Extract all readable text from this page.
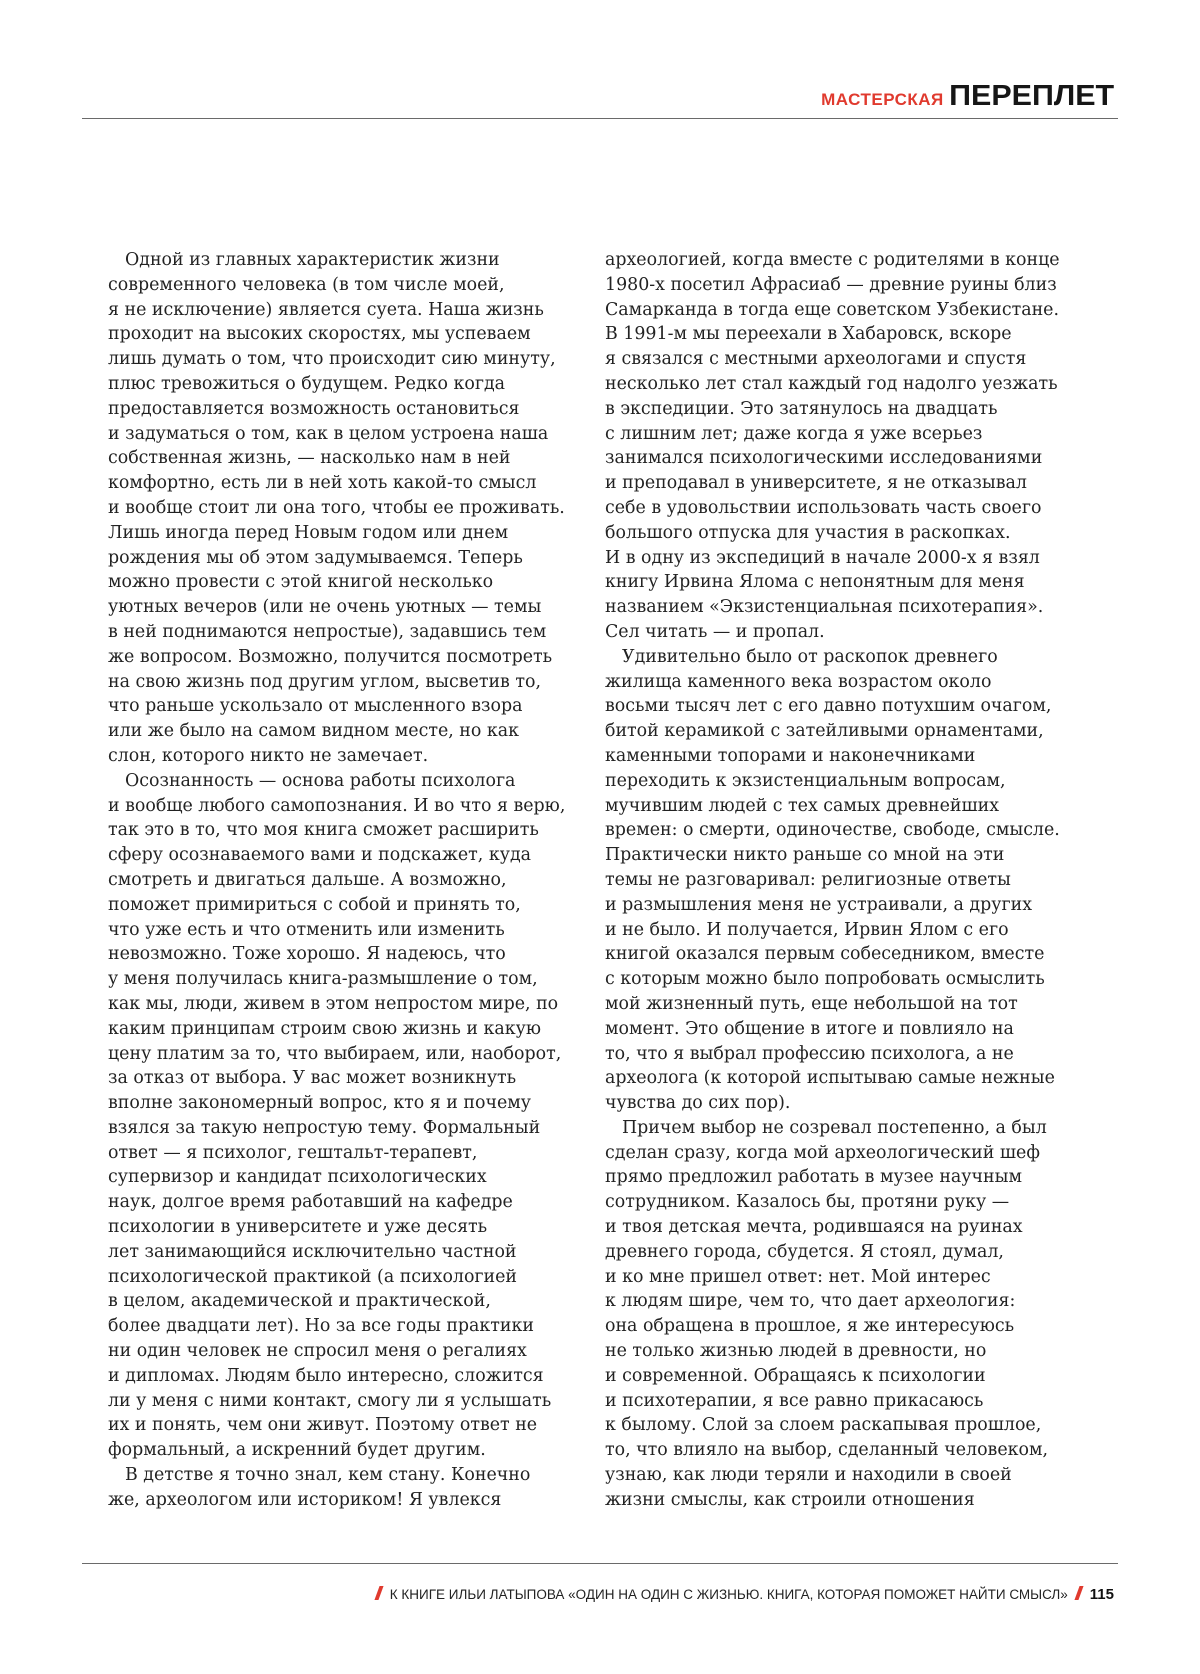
МАСТЕРСКАЯ ПЕРЕПЛЕТ

Одной из главных характеристик жизни
современного человека (в том числе моей,
я не исключение) является суета. Наша жизнь
проходит на высоких скоростях, мы успеваем
лишь думать о том, что происходит сию минуту,
плюс тревожиться о будущем. Редко когда
предоставляется возможность остановиться
и задуматься о том, как в целом устроена наша
собственная жизнь, — насколько нам в ней
комфортно, есть ли в ней хоть какой-то смысл
и вообще стоит ли она того, чтобы ее проживать.
Лишь иногда перед Новым годом или днем
рождения мы об этом задумываемся. Теперь
можно провести с этой книгой несколько
уютных вечеров (или не очень уютных — темы
в ней поднимаются непростые), задавшись тем
же вопросом. Возможно, получится посмотреть
на свою жизнь под другим углом, высветив то,
что раньше ускользало от мысленного взора
или же было на самом видном месте, но как
слон, которого никто не замечает.

Осознанность — основа работы психолога
и вообще любого самопознания. И во что я верю,
так это в то, что моя книга сможет расширить
сферу осознаваемого вами и подскажет, куда
смотреть и двигаться дальше. А возможно,
поможет примириться с собой и принять то,
что уже есть и что отменить или изменить
невозможно. Тоже хорошо. Я надеюсь, что
у меня получилась книга-размышление о том,
как мы, люди, живем в этом непростом мире, по
каким принципам строим свою жизнь и какую
цену платим за то, что выбираем, или, наоборот,
за отказ от выбора. У вас может возникнуть
вполне закономерный вопрос, кто я и почему
взялся за такую непростую тему. Формальный
ответ — я психолог, гештальт-терапевт,
супервизор и кандидат психологических
наук, долгое время работавший на кафедре
психологии в университете и уже десять
лет занимающийся исключительно частной
психологической практикой (а психологией
в целом, академической и практической,
более двадцати лет). Но за все годы практики
ни один человек не спросил меня о регалиях
и дипломах. Людям было интересно, сложится
ли у меня с ними контакт, смогу ли я услышать
их и понять, чем они живут. Поэтому ответ не
формальный, а искренний будет другим.

В детстве я точно знал, кем стану. Конечно
же, археологом или историком! Я увлекся

археологией, когда вместе с родителями в конце
1980-х посетил Афрасиаб — древние руины близ
Самарканда в тогда еще советском Узбекистане.
В 1991-м мы переехали в Хабаровск, вскоре
я связался с местными археологами и спустя
несколько лет стал каждый год надолго уезжать
в экспедиции. Это затянулось на двадцать
с лишним лет; даже когда я уже всерьез
занимался психологическими исследованиями
и преподавал в университете, я не отказывал
себе в удовольствии использовать часть своего
большого отпуска для участия в раскопках.
И в одну из экспедиций в начале 2000-х я взял
книгу Ирвина Ялома с непонятным для меня
названием «Экзистенциальная психотерапия».
Сел читать — и пропал.

Удивительно было от раскопок древнего
жилища каменного века возрастом около
восьми тысяч лет с его давно потухшим очагом,
битой керамикой с затейливыми орнаментами,
каменными топорами и наконечниками
переходить к экзистенциальным вопросам,
мучившим людей с тех самых древнейших
времен: о смерти, одиночестве, свободе, смысле.
Практически никто раньше со мной на эти
темы не разговаривал: религиозные ответы
и размышления меня не устраивали, а других
и не было. И получается, Ирвин Ялом с его
книгой оказался первым собеседником, вместе
с которым можно было попробовать осмыслить
мой жизненный путь, еще небольшой на тот
момент. Это общение в итоге и повлияло на
то, что я выбрал профессию психолога, а не
археолога (к которой испытываю самые нежные
чувства до сих пор).

Причем выбор не созревал постепенно, а был
сделан сразу, когда мой археологический шеф
прямо предложил работать в музее научным
сотрудником. Казалось бы, протяни руку —
и твоя детская мечта, родившаяся на руинах
древнего города, сбудется. Я стоял, думал,
и ко мне пришел ответ: нет. Мой интерес
к людям шире, чем то, что дает археология:
она обращена в прошлое, я же интересуюсь
не только жизнью людей в древности, но
и современной. Обращаясь к психологии
и психотерапии, я все равно прикасаюсь
к былому. Слой за слоем раскапывая прошлое,
то, что влияло на выбор, сделанный человеком,
узнаю, как люди теряли и находили в своей
жизни смыслы, как строили отношения

К КНИГЕ ИЛЬИ ЛАТЫПОВА «ОДИН НА ОДИН С ЖИЗНЬЮ. КНИГА, КОТОРАЯ ПОМОЖЕТ НАЙТИ СМЫСЛ» 115
